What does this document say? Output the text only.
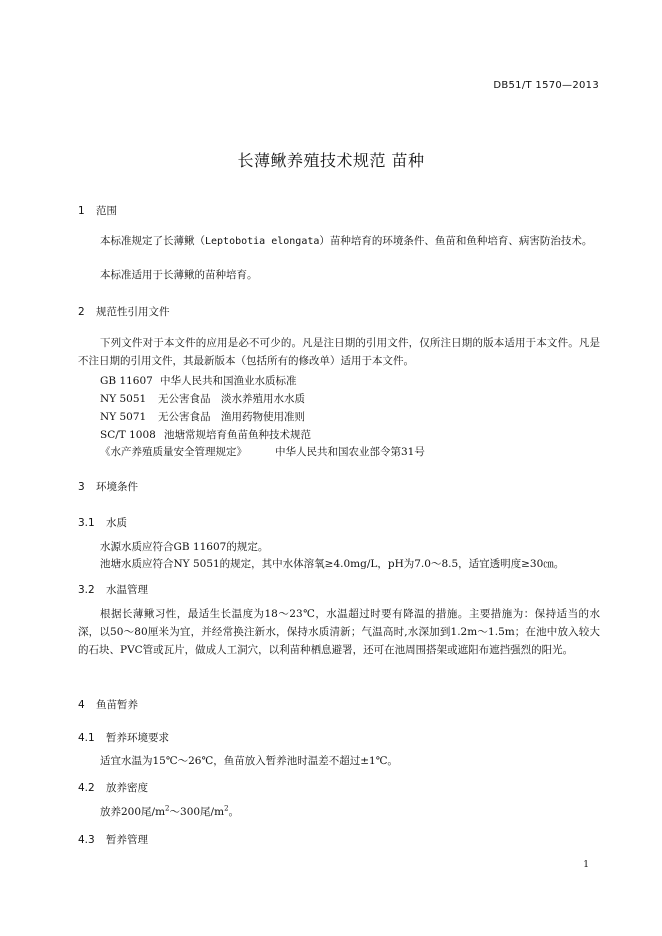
DB51/T 1570—2013
长薄鳅养殖技术规范 苗种
1 范围
本标准规定了长薄鳅（Leptobotia elongata）苗种培育的环境条件、鱼苗和鱼种培育、病害防治技术。
本标准适用于长薄鳅的苗种培育。
2 规范性引用文件
下列文件对于本文件的应用是必不可少的。凡是注日期的引用文件，仅所注日期的版本适用于本文件。凡是不注日期的引用文件，其最新版本（包括所有的修改单）适用于本文件。
GB 11607 中华人民共和国渔业水质标准
NY 5051 无公害食品　淡水养殖用水水质
NY 5071 无公害食品　渔用药物使用准则
SC/T 1008 池塘常规培育鱼苗鱼种技术规范
《水产养殖质量安全管理规定》	中华人民共和国农业部令第31号
3 环境条件
3.1 水质
水源水质应符合GB 11607的规定。
池塘水质应符合NY 5051的规定，其中水体溶氧≥4.0mg/L，pH为7.0～8.5，适宜透明度≥30㎝。
3.2 水温管理
根据长薄鳅习性，最适生长温度为18～23℃，水温超过时要有降温的措施。主要措施为：保持适当的水深，以50～80厘米为宜，并经常换注新水，保持水质清新；气温高时,水深加到1.2m～1.5m；在池中放入较大的石块、PVC管或瓦片，做成人工洞穴，以利苗种栖息避署，还可在池周围搭架或遮阳布遮挡强烈的阳光。
4 鱼苗暂养
4.1 暂养环境要求
适宜水温为15℃～26℃，鱼苗放入暂养池时温差不超过±1℃。
4.2 放养密度
放养200尾$/m^2\sim 300$尾$/m^2$。
4.3 暂养管理
1
